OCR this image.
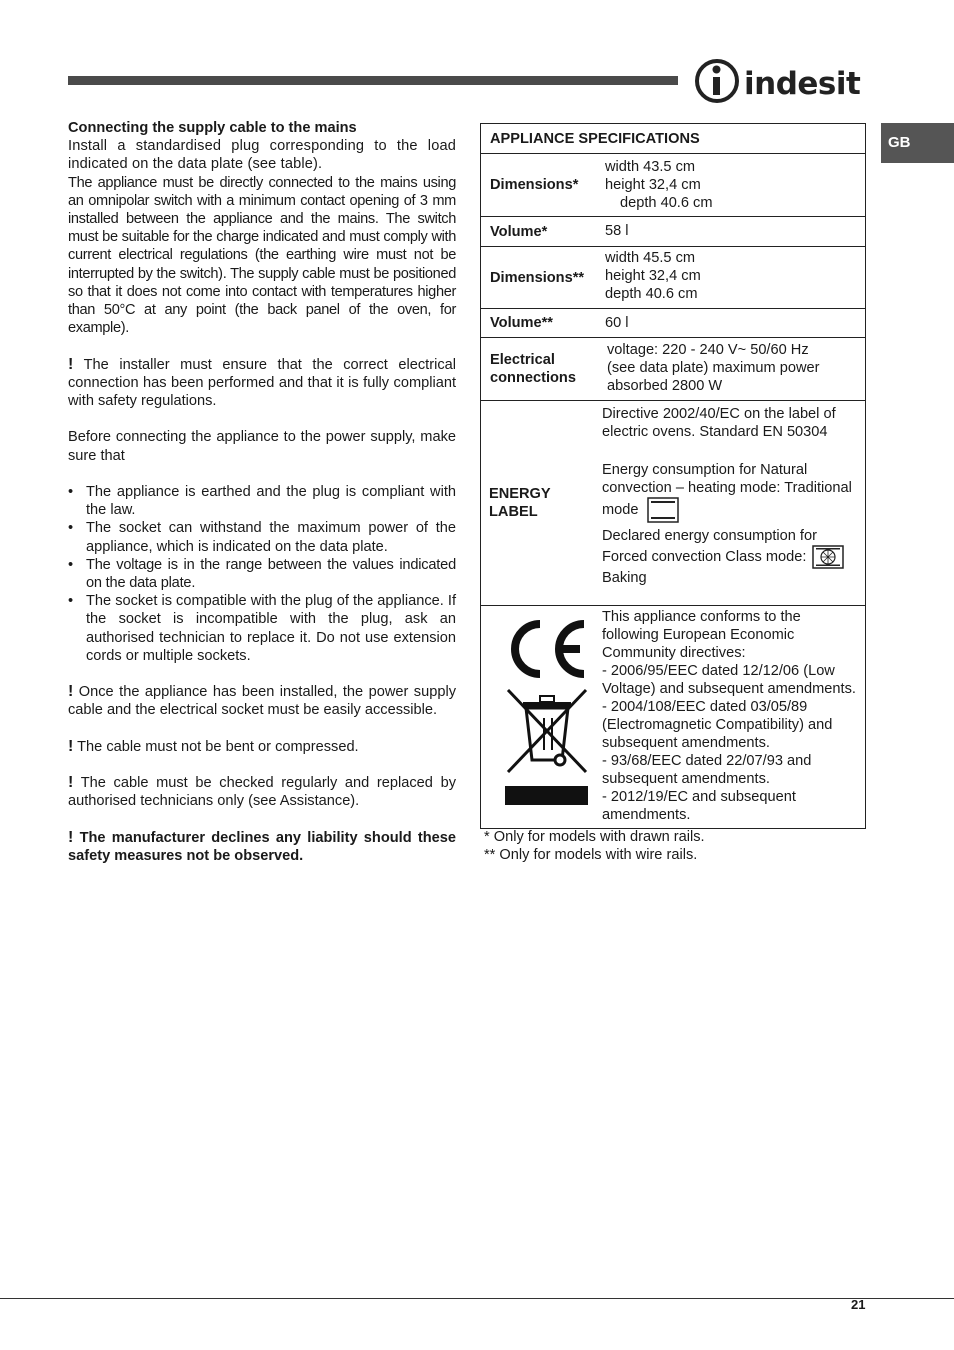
indesit
GB

Connecting the supply cable to the mains

Install a standardised plug corresponding to the load indicated on the data plate (see table).

The appliance must be directly connected to the mains using an omnipolar switch with a minimum contact opening of 3 mm installed between the appliance and the mains. The switch must be suitable for the charge indicated and must comply with current electrical regulations (the earthing wire must not be interrupted by the switch). The supply cable must be positioned so that it does not come into contact with temperatures higher than 50°C at any point (the back panel of the oven, for example).

! The installer must ensure that the correct electrical connection has been performed and that it is fully compliant with safety regulations.

Before connecting the appliance to the power supply, make sure that

• The appliance is earthed and the plug is compliant with the law.
• The socket can withstand the maximum power of the appliance, which is indicated on the data plate.
• The voltage is in the range between the values indicated on the data plate.
• The socket is compatible with the plug of the appliance. If the socket is incompatible with the plug, ask an authorised technician to replace it. Do not use extension cords or multiple sockets.

! Once the appliance has been installed, the power supply cable and the electrical socket must be easily accessible.

! The cable must not be bent or compressed.

! The cable must be checked regularly and replaced by authorised technicians only (see Assistance).

! The manufacturer declines any liability should these safety measures not be observed.

APPLIANCE SPECIFICATIONS
Dimensions*
width 43.5 cm
height 32,4 cm
depth 40.6 cm
Volume*	58 l
Dimensions**
width 45.5 cm
height 32,4 cm
depth 40.6 cm
Volume**	60 l
Electrical
connections
voltage: 220 - 240 V~ 50/60 Hz (see data plate) maximum power absorbed 2800 W
ENERGY
LABEL

Directive 2002/40/EC on the label of electric ovens. Standard EN 50304

Energy consumption for Natural convection – heating mode: Traditional mode

Declared energy consumption for Forced convection Class mode:  Baking

This appliance conforms to the following European Economic Community directives:
- 2006/95/EEC dated 12/12/06 (Low Voltage) and subsequent amendments.
- 2004/108/EEC dated 03/05/89 (Electromagnetic Compatibility) and subsequent amendments.
- 93/68/EEC dated 22/07/93 and subsequent amendments.
- 2012/19/EC and subsequent amendments.
* Only for models with drawn rails.
** Only for models with wire rails.
21
